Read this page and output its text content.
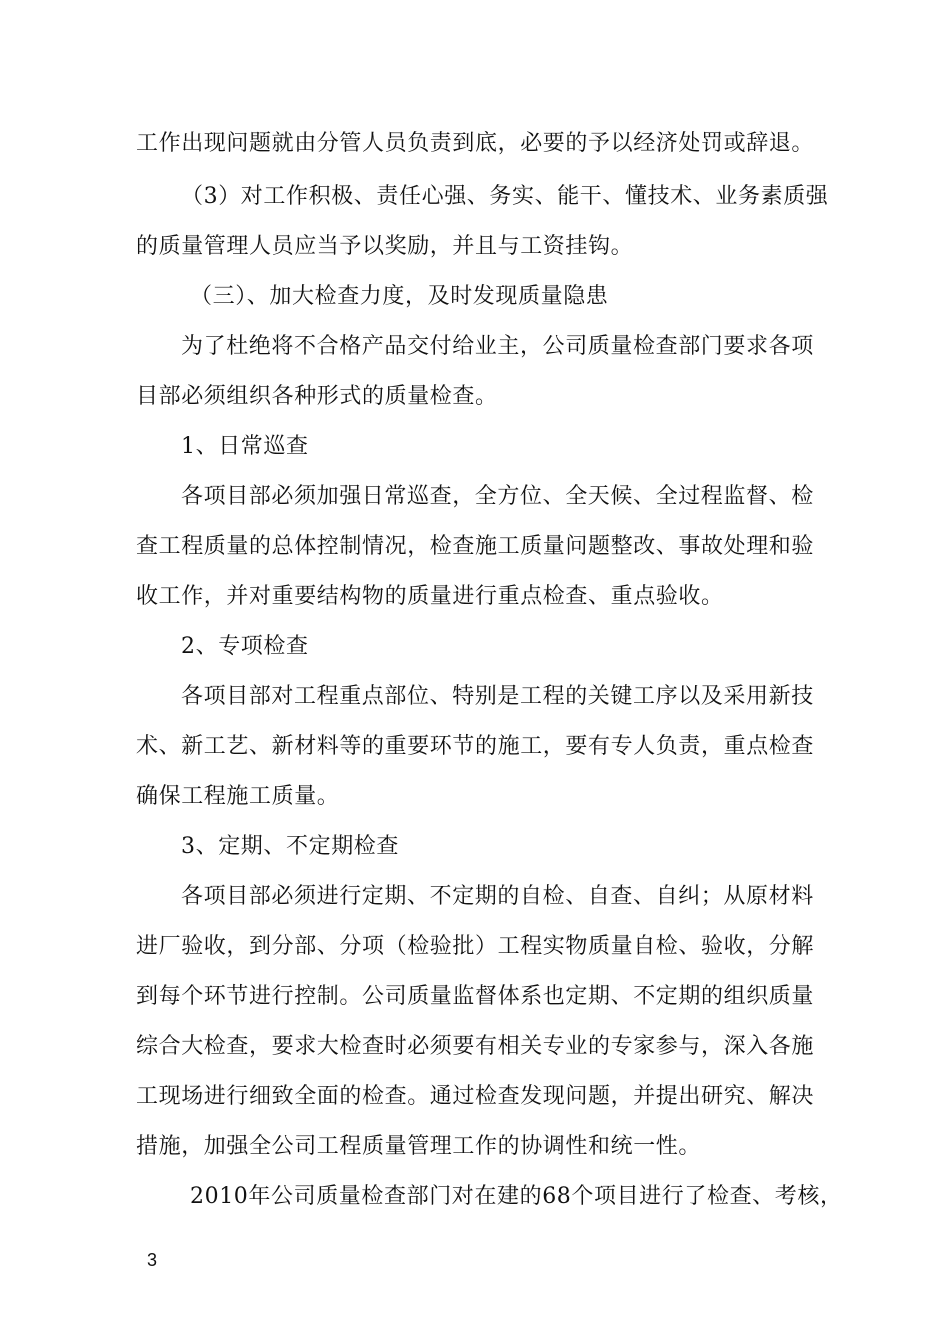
工作出现问题就由分管人员负责到底，必要的予以经济处罚或辞退。
（3）对工作积极、责任心强、务实、能干、懂技术、业务素质强
的质量管理人员应当予以奖励，并且与工资挂钩。
（三）、加大检查力度，及时发现质量隐患
为了杜绝将不合格产品交付给业主，公司质量检查部门要求各项
目部必须组织各种形式的质量检查。
1、日常巡查
各项目部必须加强日常巡查，全方位、全天候、全过程监督、检
查工程质量的总体控制情况，检查施工质量问题整改、事故处理和验
收工作，并对重要结构物的质量进行重点检查、重点验收。
2、专项检查
各项目部对工程重点部位、特别是工程的关键工序以及采用新技
术、新工艺、新材料等的重要环节的施工，要有专人负责，重点检查
确保工程施工质量。
3、定期、不定期检查
各项目部必须进行定期、不定期的自检、自查、自纠；从原材料
进厂验收，到分部、分项（检验批）工程实物质量自检、验收，分解
到每个环节进行控制。公司质量监督体系也定期、不定期的组织质量
综合大检查，要求大检查时必须要有相关专业的专家参与，深入各施
工现场进行细致全面的检查。通过检查发现问题，并提出研究、解决
措施，加强全公司工程质量管理工作的协调性和统一性。
2010年公司质量检查部门对在建的68个项目进行了检查、考核，
3
